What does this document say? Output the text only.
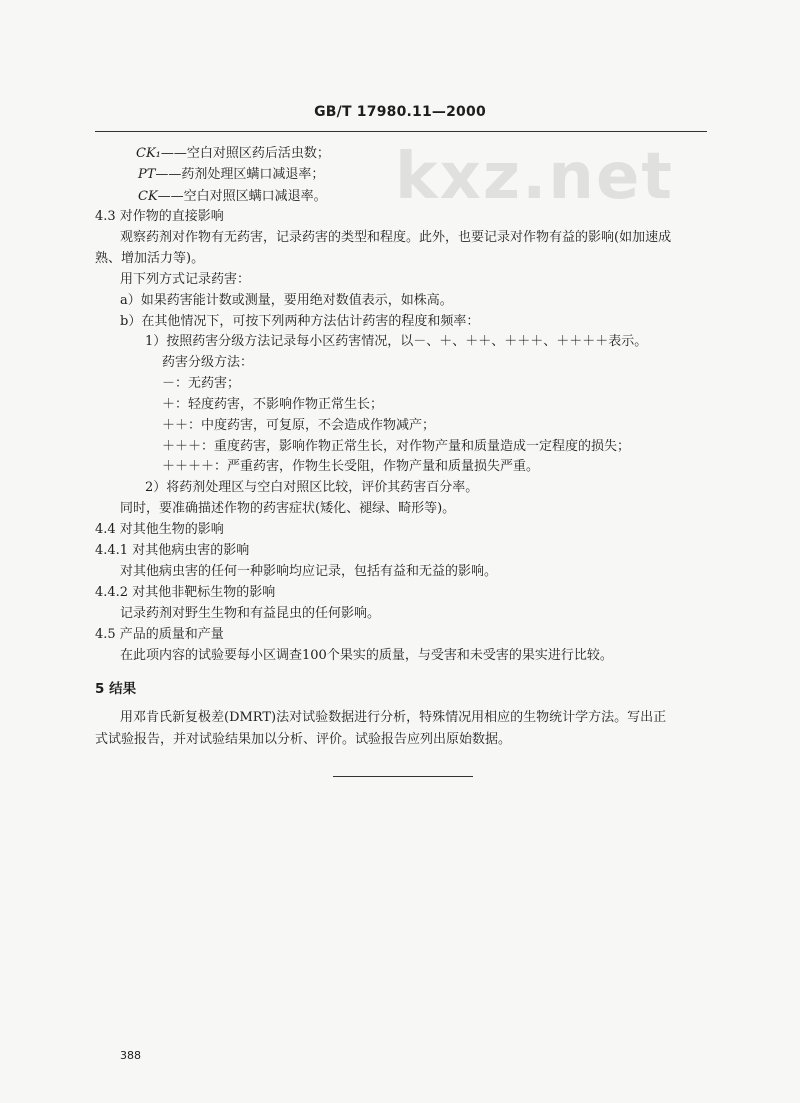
GB/T 17980.11—2000
kxz.net
CK₁——空白对照区药后活虫数；
PT——药剂处理区螨口减退率；
CK——空白对照区螨口减退率。
4.3 对作物的直接影响
观察药剂对作物有无药害，记录药害的类型和程度。此外，也要记录对作物有益的影响(如加速成
熟、增加活力等)。
用下列方式记录药害：
a）如果药害能计数或测量，要用绝对数值表示，如株高。
b）在其他情况下，可按下列两种方法估计药害的程度和频率：
1）按照药害分级方法记录每小区药害情况，以－、＋、＋＋、＋＋＋、＋＋＋＋表示。
药害分级方法：
－：无药害；
＋：轻度药害，不影响作物正常生长；
＋＋：中度药害，可复原，不会造成作物减产；
＋＋＋：重度药害，影响作物正常生长，对作物产量和质量造成一定程度的损失；
＋＋＋＋：严重药害，作物生长受阻，作物产量和质量损失严重。
2）将药剂处理区与空白对照区比较，评价其药害百分率。
同时，要准确描述作物的药害症状(矮化、褪绿、畸形等)。
4.4 对其他生物的影响
4.4.1 对其他病虫害的影响
对其他病虫害的任何一种影响均应记录，包括有益和无益的影响。
4.4.2 对其他非靶标生物的影响
记录药剂对野生生物和有益昆虫的任何影响。
4.5 产品的质量和产量
在此项内容的试验要每小区调查100个果实的质量，与受害和未受害的果实进行比较。
5 结果
用邓肯氏新复极差(DMRT)法对试验数据进行分析，特殊情况用相应的生物统计学方法。写出正
式试验报告，并对试验结果加以分析、评价。试验报告应列出原始数据。
388
